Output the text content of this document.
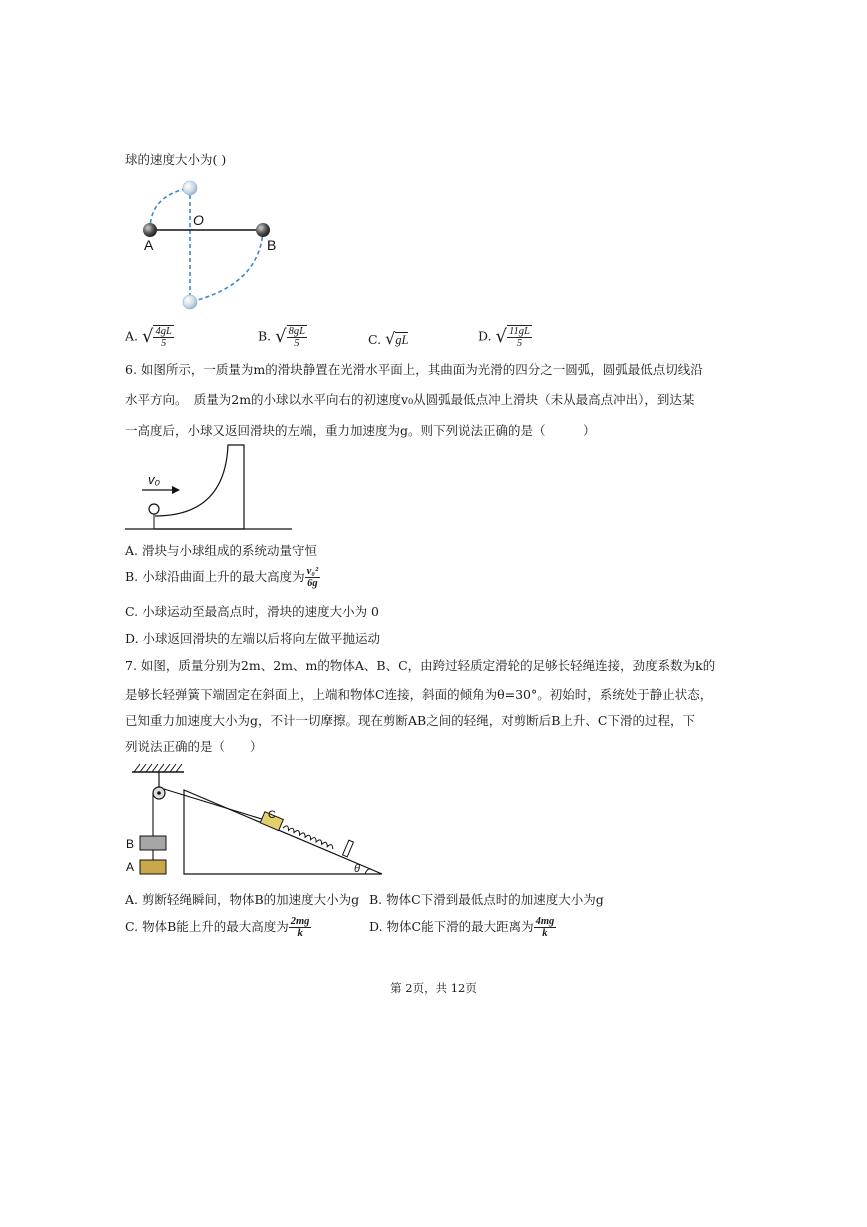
球的速度大小为( )
O
A	B
A. √ $\frac{4gL}{5}$	B. √ $\frac{8gL}{5}$	C. √gL	D. √ $\frac{11gL}{5}$
6. 如图所示，一质量为m的滑块静置在光滑水平面上，其曲面为光滑的四分之一圆弧，圆弧最低点切线沿
水平方向。　质量为2m的小球以水平向右的初速度v₀从圆弧最低点冲上滑块（未从最高点冲出），到达某
一高度后，小球又返回滑块的左端，重力加速度为g。则下列说法正确的是（　　　）
v₀
A. 滑块与小球组成的系统动量守恒
B. 小球沿曲面上升的最大高度为 $\frac{\text{v₀²}}{6g}$
C. 小球运动至最高点时，滑块的速度大小为 0
D. 小球返回滑块的左端以后将向左做平抛运动
7. 如图，质量分别为2m、2m、m的物体A、B、C，由跨过轻质定滑轮的足够长轻绳连接，劲度系数为k的
是够长轻弹簧下端固定在斜面上，上端和物体C连接，斜面的倾角为θ=30°。初始时，系统处于静止状态，
已知重力加速度大小为g，不计一切摩擦。现在剪断AB之间的轻绳，对剪断后B上升、C下滑的过程，下
列说法正确的是（　　）
B
A
C
θ
A. 剪断轻绳瞬间，物体B的加速度大小为g B. 物体C下滑到最低点时的加速度大小为g
C. 物体B能上升的最大高度为 $\frac{2mg}{k}$	D. 物体C能下滑的最大距离为 $\frac{4mg}{k}$
第 2页，共 12页
